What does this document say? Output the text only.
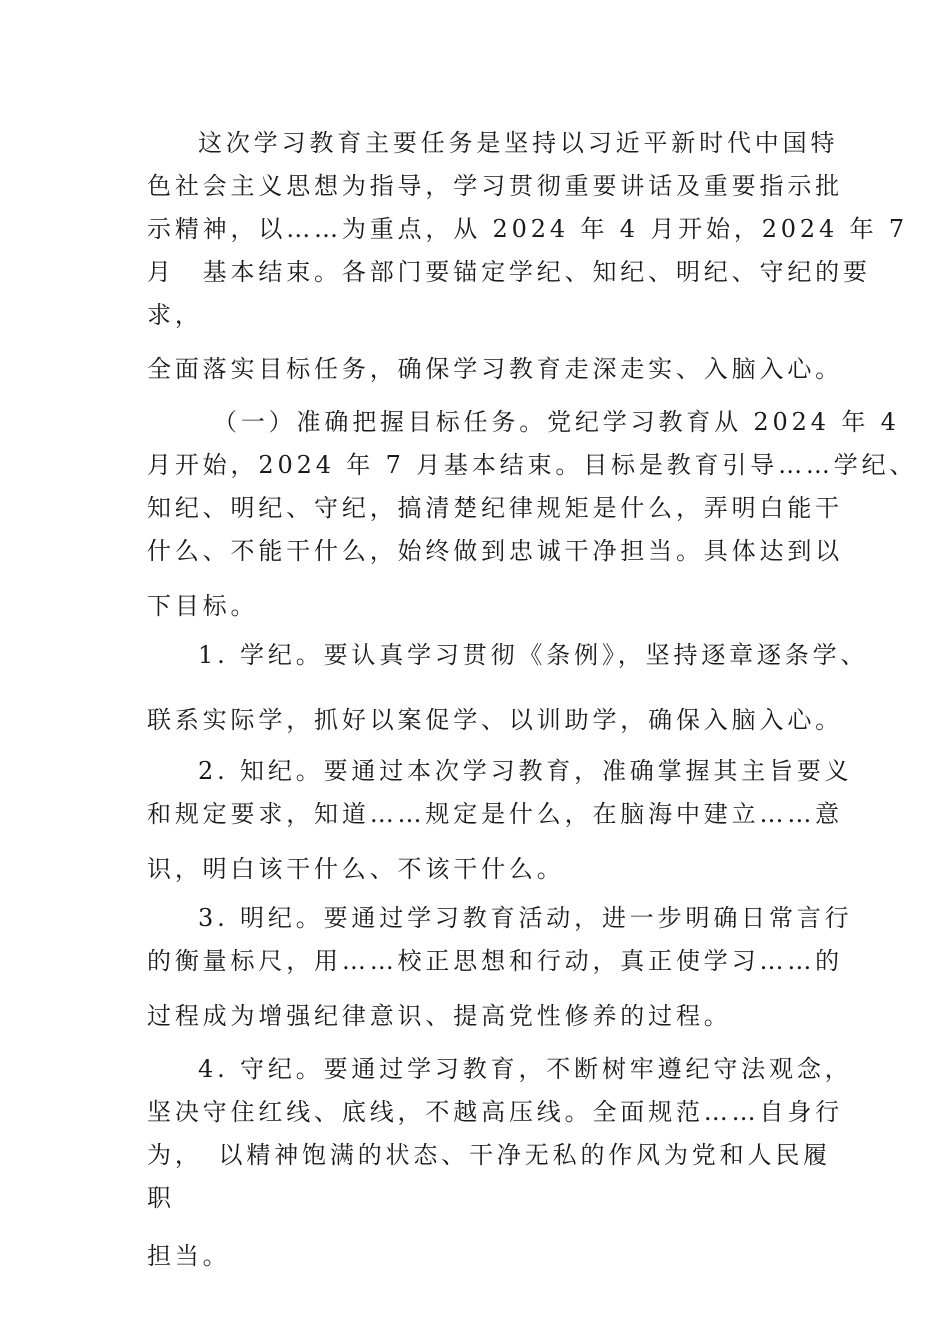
这次学习教育主要任务是坚持以习近平新时代中国特
色社会主义思想为指导，学习贯彻重要讲话及重要指示批
示精神，以……为重点，从 2024 年 4 月开始，2024 年 7
月　基本结束。各部门要锚定学纪、知纪、明纪、守纪的要
求，
全面落实目标任务，确保学习教育走深走实、入脑入心。
（一）准确把握目标任务。党纪学习教育从 2024 年 4
月开始，2024 年 7 月基本结束。目标是教育引导……学纪、
知纪、明纪、守纪，搞清楚纪律规矩是什么，弄明白能干
什么、不能干什么，始终做到忠诚干净担当。具体达到以
下目标。
1. 学纪。要认真学习贯彻《条例》，坚持逐章逐条学、
联系实际学，抓好以案促学、以训助学，确保入脑入心。
2. 知纪。要通过本次学习教育，准确掌握其主旨要义
和规定要求，知道……规定是什么，在脑海中建立……意
识，明白该干什么、不该干什么。
3. 明纪。要通过学习教育活动，进一步明确日常言行
的衡量标尺，用……校正思想和行动，真正使学习……的
过程成为增强纪律意识、提高党性修养的过程。
4. 守纪。要通过学习教育，不断树牢遵纪守法观念，
坚决守住红线、底线，不越高压线。全面规范……自身行
为，　以精神饱满的状态、干净无私的作风为党和人民履
职
担当。
